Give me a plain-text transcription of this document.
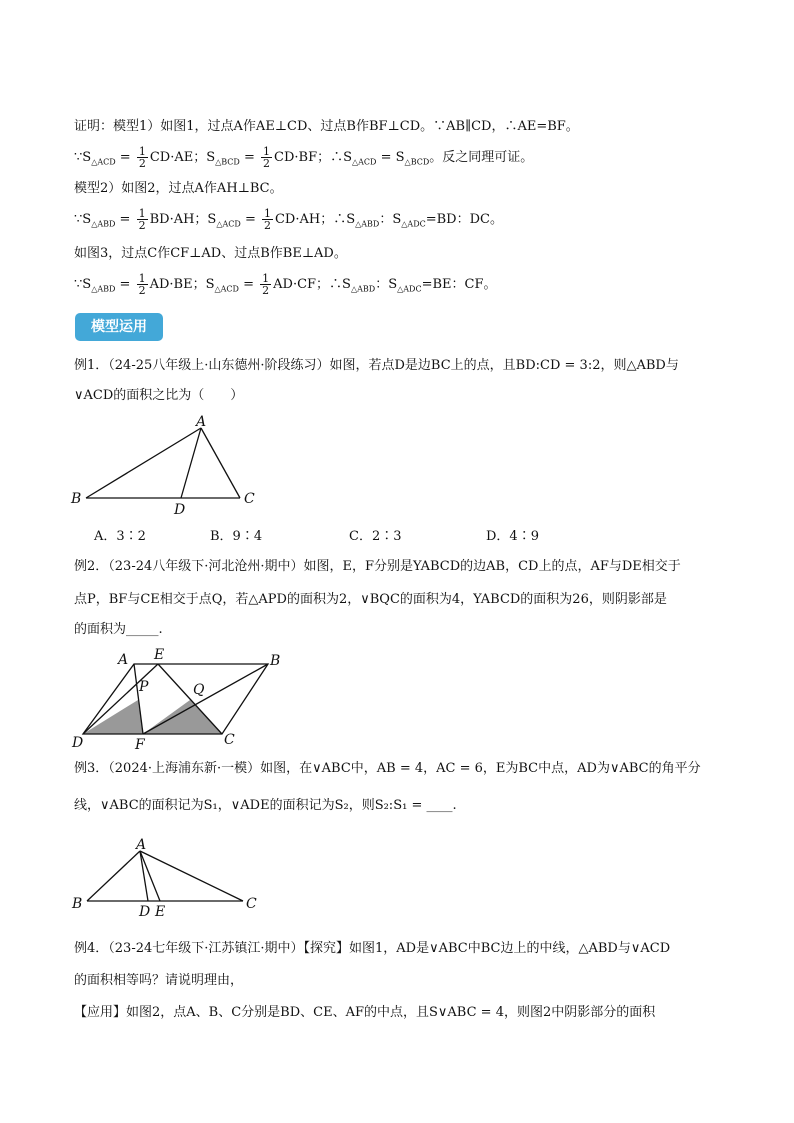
证明：模型1）如图1，过点A作AE⊥CD、过点B作BF⊥CD。∵AB∥CD，∴AE=BF。
$\because S_{\triangle ACD} = \frac{1}{2} CD\cdot AE$；$S_{\triangle BCD} = \frac{1}{2} CD\cdot BF$；$\therefore S_{\triangle ACD} = S_{\triangle BCD}$。反之同理可证。
模型2）如图2，过点A作AH⊥BC。
$\because S_{\triangle ABD} = \frac{1}{2} BD\cdot AH$；$S_{\triangle ACD} = \frac{1}{2} CD\cdot AH$；$\therefore S_{\triangle ABD}$：$S_{\triangle ADC}=BD$：DC。
如图3，过点C作CF⊥AD、过点B作BE⊥AD。
$\because S_{\triangle ABD} = \frac{1}{2} AD\cdot BE$；$S_{\triangle ACD} = \frac{1}{2} AD\cdot CF$；$\therefore S_{\triangle ABD}$：$S_{\triangle ADC}=BE$：CF。
模型运用
例1．（24-25八年级上·山东德州·阶段练习）如图，若点D是边BC上的点，且BD:CD = 3:2，则△ABD与
∨ACD的面积之比为（　　）
A．3∶2	B．9∶4	C．2∶3	D．4∶9
例2．（23-24八年级下·河北沧州·期中）如图，E，F分别是YABCD的边AB，CD上的点，AF与DE相交于
点P，BF与CE相交于点Q，若△APD的面积为2，∨BQC的面积为4，YABCD的面积为26，则阴影部是
的面积为_____.
例3．（2024·上海浦东新·一模）如图，在∨ABC中，AB = 4，AC = 6，E为BC中点，AD为∨ABC的角平分
线，∨ABC的面积记为S₁，∨ADE的面积记为S₂，则S₂:S₁ = ____.
例4．（23-24七年级下·江苏镇江·期中）【探究】如图1，AD是∨ABC中BC边上的中线，△ABD与∨ACD
的面积相等吗？请说明理由，
【应用】如图2，点A、B、C分别是BD、CE、AF的中点，且S∨ABC = 4，则图2中阴影部分的面积
A
B
D
C
A E	B
P	Q
D	F	C
A
B	D E	C
